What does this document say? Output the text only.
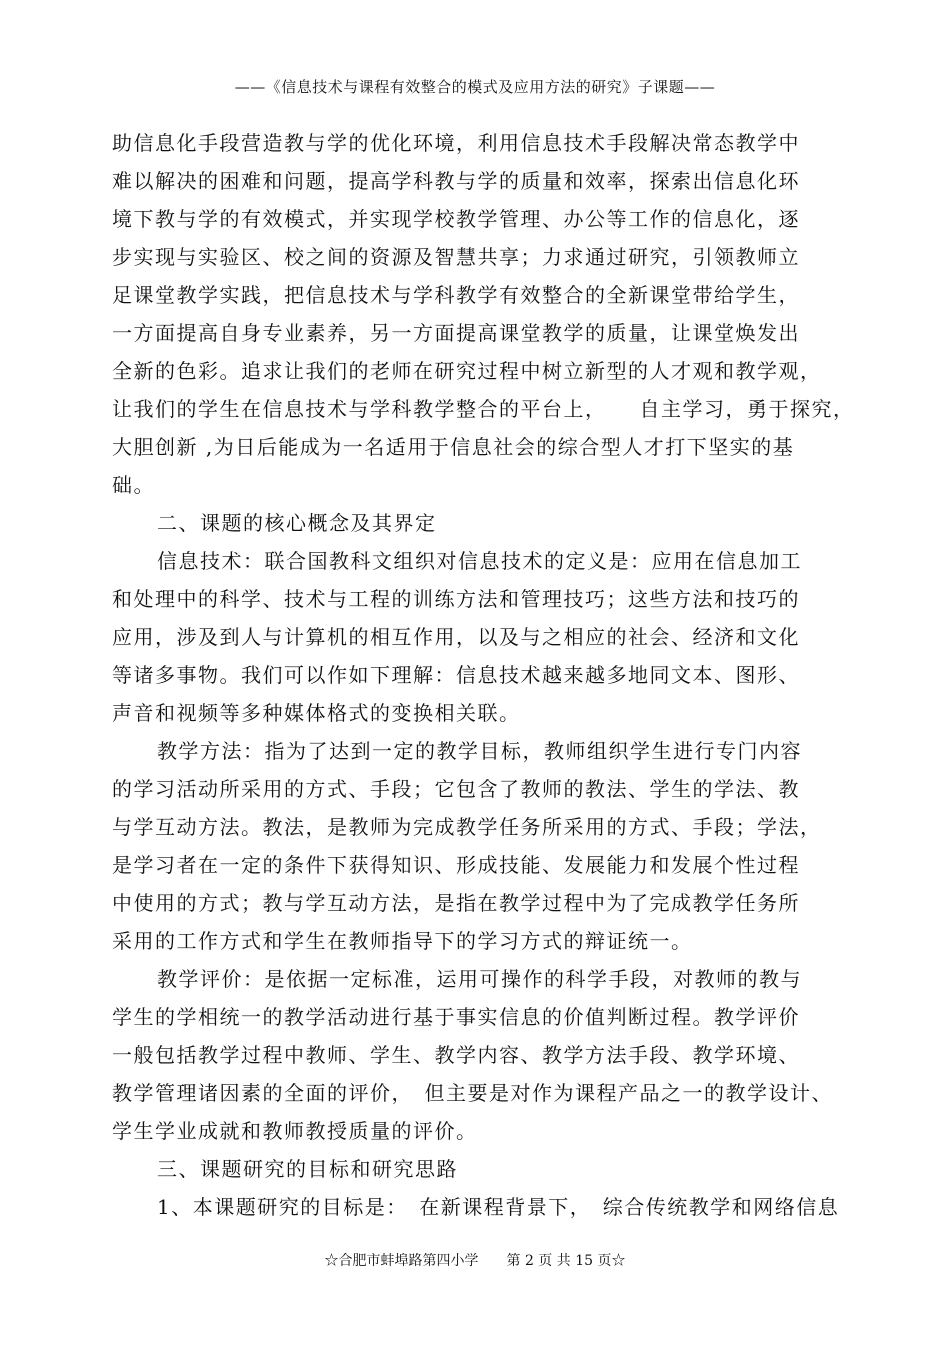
——《信息技术与课程有效整合的模式及应用方法的研究》子课题——
助信息化手段营造教与学的优化环境，利用信息技术手段解决常态教学中
难以解决的困难和问题，提高学科教与学的质量和效率，探索出信息化环
境下教与学的有效模式，并实现学校教学管理、办公等工作的信息化，逐
步实现与实验区、校之间的资源及智慧共享；力求通过研究，引领教师立
足课堂教学实践，把信息技术与学科教学有效整合的全新课堂带给学生，
一方面提高自身专业素养，另一方面提高课堂教学的质量，让课堂焕发出
全新的色彩。追求让我们的老师在研究过程中树立新型的人才观和教学观，
让我们的学生在信息技术与学科教学整合的平台上，　　自主学习，勇于探究，
大胆创新 ,为日后能成为一名适用于信息社会的综合型人才打下坚实的基
础。
二、课题的核心概念及其界定
信息技术：联合国教科文组织对信息技术的定义是：应用在信息加工
和处理中的科学、技术与工程的训练方法和管理技巧；这些方法和技巧的
应用，涉及到人与计算机的相互作用，以及与之相应的社会、经济和文化
等诸多事物。我们可以作如下理解：信息技术越来越多地同文本、图形、
声音和视频等多种媒体格式的变换相关联。
教学方法：指为了达到一定的教学目标，教师组织学生进行专门内容
的学习活动所采用的方式、手段；它包含了教师的教法、学生的学法、教
与学互动方法。教法，是教师为完成教学任务所采用的方式、手段；学法，
是学习者在一定的条件下获得知识、形成技能、发展能力和发展个性过程
中使用的方式；教与学互动方法，是指在教学过程中为了完成教学任务所
采用的工作方式和学生在教师指导下的学习方式的辩证统一。
教学评价：是依据一定标准，运用可操作的科学手段，对教师的教与
学生的学相统一的教学活动进行基于事实信息的价值判断过程。教学评价
一般包括教学过程中教师、学生、教学内容、教学方法手段、教学环境、
教学管理诸因素的全面的评价，　但主要是对作为课程产品之一的教学设计、
学生学业成就和教师教授质量的评价。
三、课题研究的目标和研究思路
1、本课题研究的目标是：　在新课程背景下，　综合传统教学和网络信息
☆合肥市蚌埠路第四小学　　第 2 页 共 15 页☆
